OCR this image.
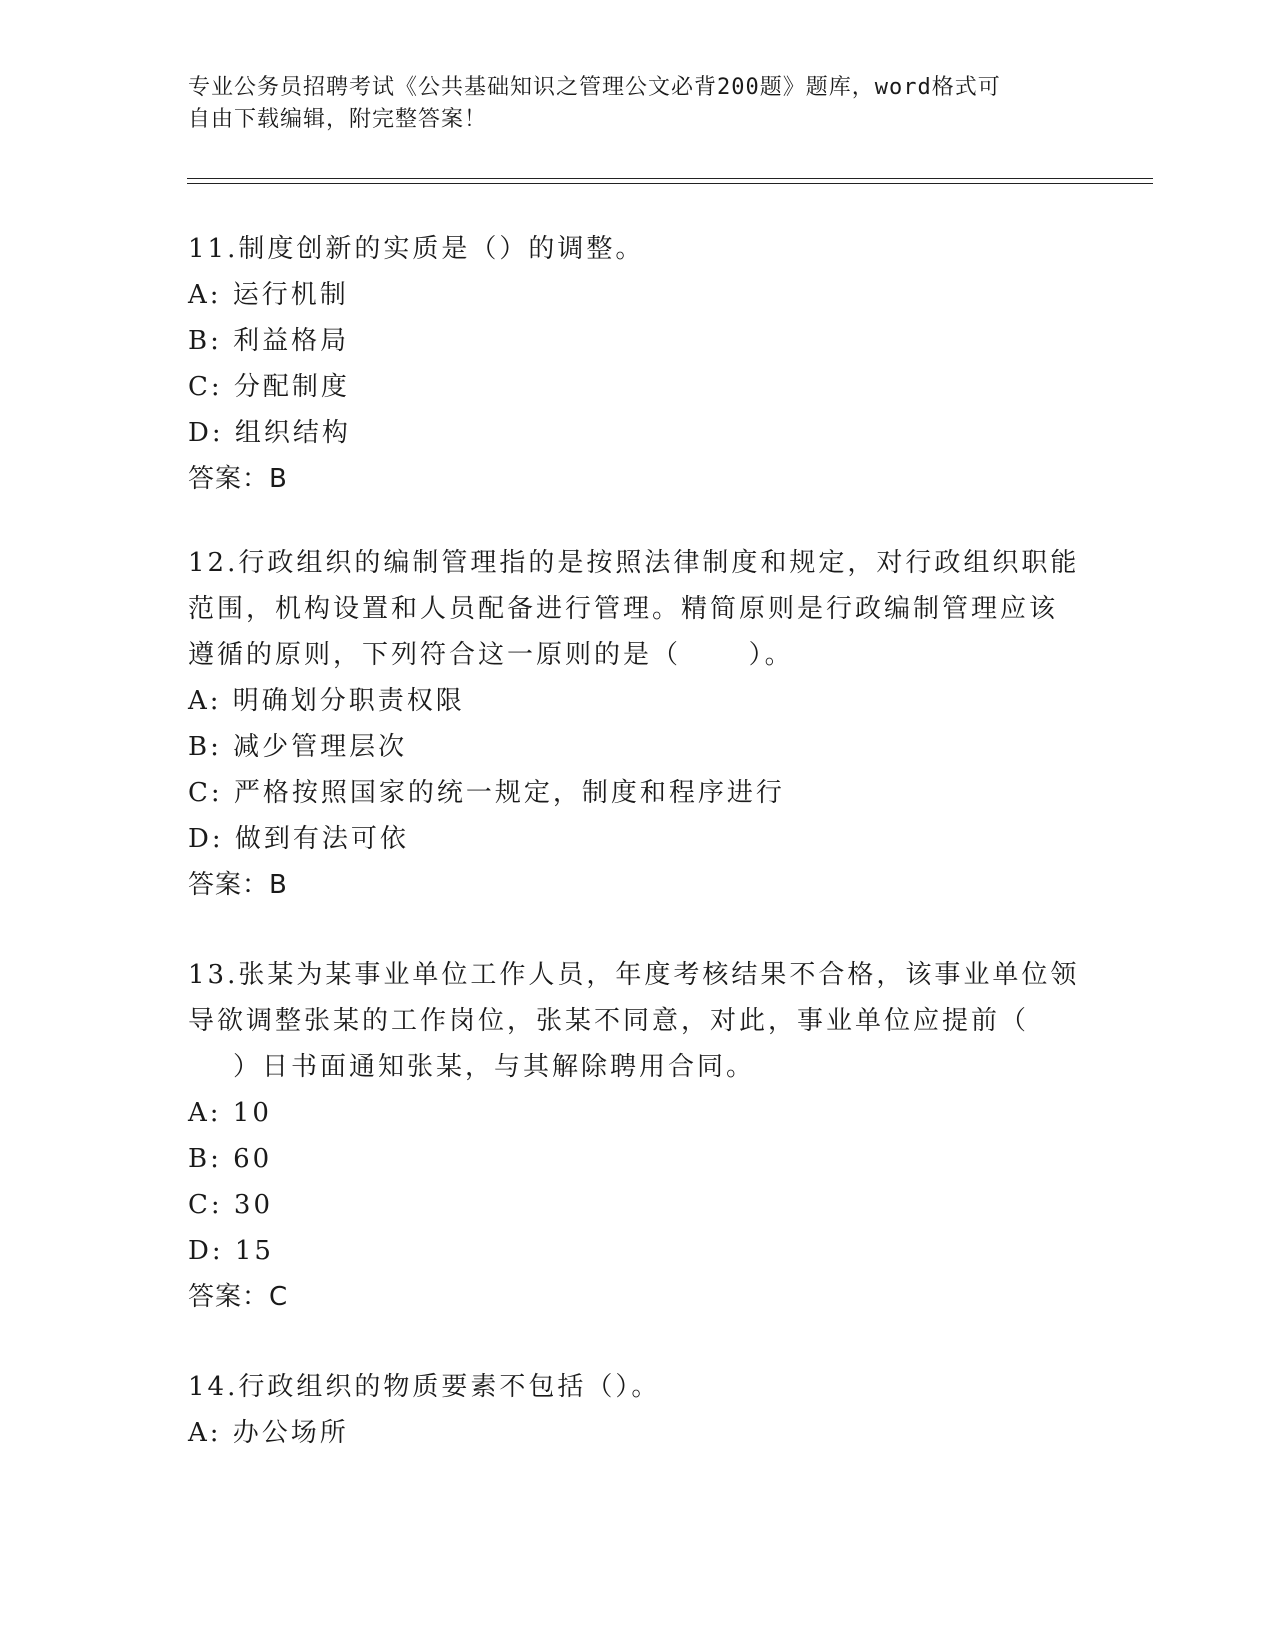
专业公务员招聘考试《公共基础知识之管理公文必背200题》题库，word格式可
自由下载编辑，附完整答案！
11.制度创新的实质是（）的调整。
A: 运行机制
B: 利益格局
C: 分配制度
D: 组织结构
答案：B
12.行政组织的编制管理指的是按照法律制度和规定，对行政组织职能
范围，机构设置和人员配备进行管理。精简原则是行政编制管理应该
遵循的原则，下列符合这一原则的是（      ）。
A: 明确划分职责权限
B: 减少管理层次
C: 严格按照国家的统一规定，制度和程序进行
D: 做到有法可依
答案：B
13.张某为某事业单位工作人员，年度考核结果不合格，该事业单位领
导欲调整张某的工作岗位，张某不同意，对此，事业单位应提前（
）日书面通知张某，与其解除聘用合同。
A: 10
B: 60
C: 30
D: 15
答案：C
14.行政组织的物质要素不包括（）。
A: 办公场所
